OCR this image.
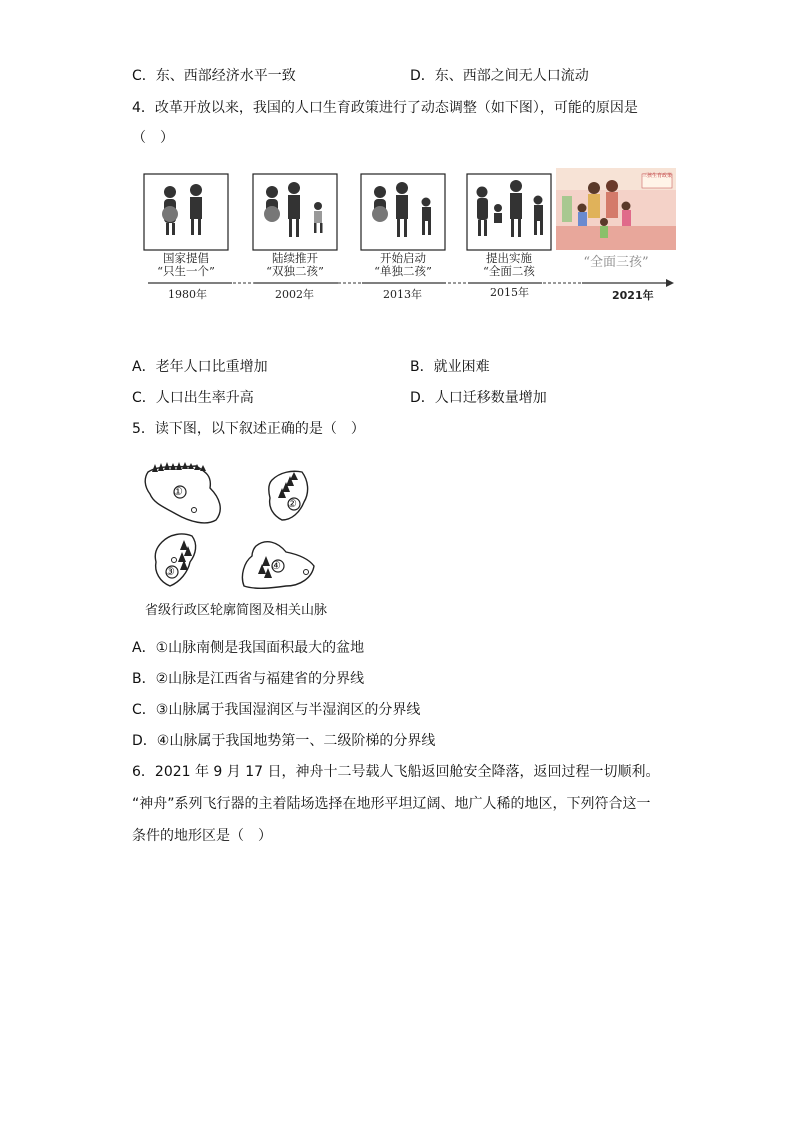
C．东、西部经济水平一致	D．东、西部之间无人口流动
4．改革开放以来，我国的人口生育政策进行了动态调整（如下图），可能的原因是
（　）
国家提倡
“只生一个”
陆续推开
“双独二孩”
开始启动
“单独二孩”
提出实施
“全面二孩
“全面三孩”
三孩生育政策
1980年	2002年	2013年	2015年	2021年
A．老年人口比重增加	B．就业困难
C．人口出生率升高	D．人口迁移数量增加
5．读下图，以下叙述正确的是（　）
①
②
③	④
省级行政区轮廓简图及相关山脉
A．①山脉南侧是我国面积最大的盆地
B．②山脉是江西省与福建省的分界线
C．③山脉属于我国湿润区与半湿润区的分界线
D．④山脉属于我国地势第一、二级阶梯的分界线
6．2021 年 9 月 17 日，神舟十二号载人飞船返回舱安全降落，返回过程一切顺利。
“神舟”系列飞行器的主着陆场选择在地形平坦辽阔、地广人稀的地区，下列符合这一
条件的地形区是（　）
